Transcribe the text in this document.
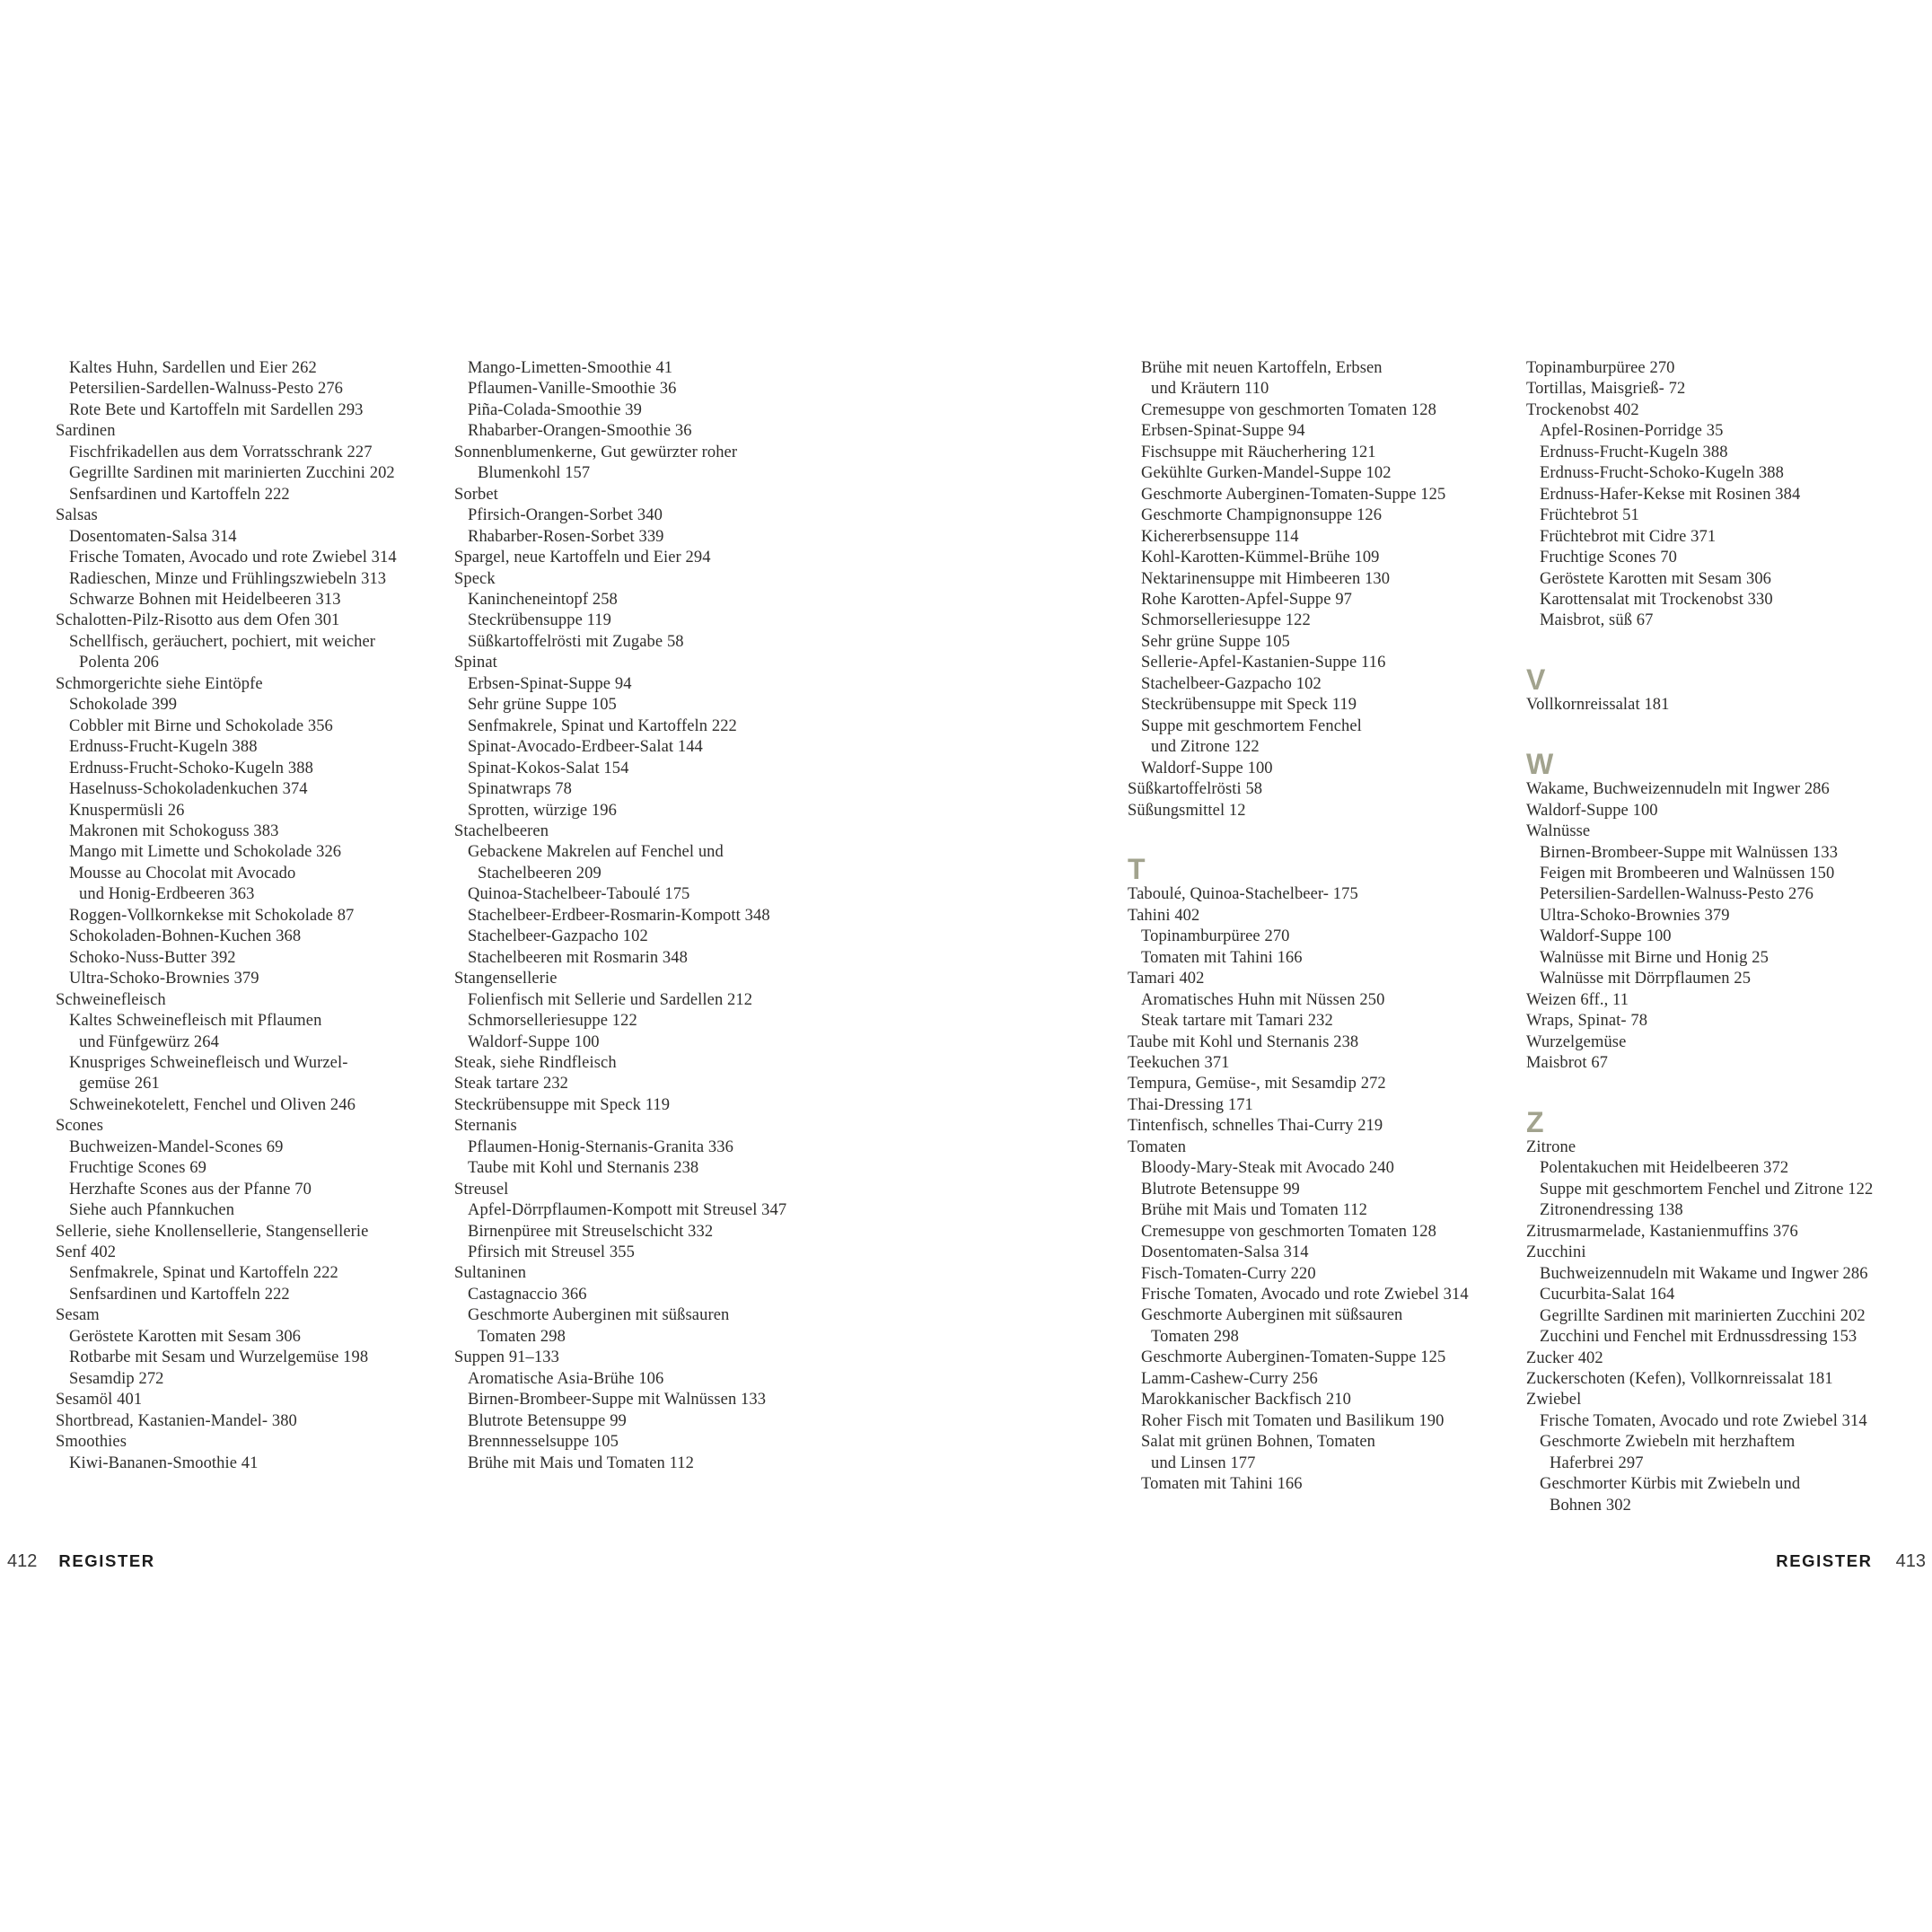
Kaltes Huhn, Sardellen und Eier 262
Petersilien-Sardellen-Walnuss-Pesto 276
Rote Bete und Kartoffeln mit Sardellen 293
Sardinen
Fischfrikadellen aus dem Vorratsschrank 227
Gegrillte Sardinen mit marinierten Zucchini 202
Senfsardinen und Kartoffeln 222
Salsas
Dosentomaten-Salsa 314
Frische Tomaten, Avocado und rote Zwiebel 314
Radieschen, Minze und Frühlingszwiebeln 313
Schwarze Bohnen mit Heidelbeeren 313
Schalotten-Pilz-Risotto aus dem Ofen 301
Schellfisch, geräuchert, pochiert, mit weicher
Polenta 206
Schmorgerichte siehe Eintöpfe
Schokolade 399
Cobbler mit Birne und Schokolade 356
Erdnuss-Frucht-Kugeln 388
Erdnuss-Frucht-Schoko-Kugeln 388
Haselnuss-Schokoladenkuchen 374
Knuspermüsli 26
Makronen mit Schokoguss 383
Mango mit Limette und Schokolade 326
Mousse au Chocolat mit Avocado
und Honig-Erdbeeren 363
Roggen-Vollkornkekse mit Schokolade 87
Schokoladen-Bohnen-Kuchen 368
Schoko-Nuss-Butter 392
Ultra-Schoko-Brownies 379
Schweinefleisch
Kaltes Schweinefleisch mit Pflaumen
und Fünfgewürz 264
Knuspriges Schweinefleisch und Wurzel-
gemüse 261
Schweinekotelett, Fenchel und Oliven 246
Scones
Buchweizen-Mandel-Scones 69
Fruchtige Scones 69
Herzhafte Scones aus der Pfanne 70
Siehe auch Pfannkuchen
Sellerie, siehe Knollensellerie, Stangensellerie
Senf 402
Senfmakrele, Spinat und Kartoffeln 222
Senfsardinen und Kartoffeln 222
Sesam
Geröstete Karotten mit Sesam 306
Rotbarbe mit Sesam und Wurzelgemüse 198
Sesamdip 272
Sesamöl 401
Shortbread, Kastanien-Mandel- 380
Smoothies
Kiwi-Bananen-Smoothie 41
Mango-Limetten-Smoothie 41
Pflaumen-Vanille-Smoothie 36
Piña-Colada-Smoothie 39
Rhabarber-Orangen-Smoothie 36
Sonnenblumenkerne, Gut gewürzter roher
Blumenkohl 157
Sorbet
Pfirsich-Orangen-Sorbet 340
Rhabarber-Rosen-Sorbet 339
Spargel, neue Kartoffeln und Eier 294
Speck
Kanincheneintopf 258
Steckrübensuppe 119
Süßkartoffelrösti mit Zugabe 58
Spinat
Erbsen-Spinat-Suppe 94
Sehr grüne Suppe 105
Senfmakrele, Spinat und Kartoffeln 222
Spinat-Avocado-Erdbeer-Salat 144
Spinat-Kokos-Salat 154
Spinatwraps 78
Sprotten, würzige 196
Stachelbeeren
Gebackene Makrelen auf Fenchel und
Stachelbeeren 209
Quinoa-Stachelbeer-Taboulé 175
Stachelbeer-Erdbeer-Rosmarin-Kompott 348
Stachelbeer-Gazpacho 102
Stachelbeeren mit Rosmarin 348
Stangensellerie
Folienfisch mit Sellerie und Sardellen 212
Schmorselleriesuppe 122
Waldorf-Suppe 100
Steak, siehe Rindfleisch
Steak tartare 232
Steckrübensuppe mit Speck 119
Sternanis
Pflaumen-Honig-Sternanis-Granita 336
Taube mit Kohl und Sternanis 238
Streusel
Apfel-Dörrpflaumen-Kompott mit Streusel 347
Birnenpüree mit Streuselschicht 332
Pfirsich mit Streusel 355
Sultaninen
Castagnaccio 366
Geschmorte Auberginen mit süßsauren
Tomaten 298
Suppen 91–133
Aromatische Asia-Brühe 106
Birnen-Brombeer-Suppe mit Walnüssen 133
Blutrote Betensuppe 99
Brennnesselsuppe 105
Brühe mit Mais und Tomaten 112
Brühe mit neuen Kartoffeln, Erbsen
und Kräutern 110
Cremesuppe von geschmorten Tomaten 128
Erbsen-Spinat-Suppe 94
Fischsuppe mit Räucherhering 121
Gekühlte Gurken-Mandel-Suppe 102
Geschmorte Auberginen-Tomaten-Suppe 125
Geschmorte Champignonsuppe 126
Kichererbsensuppe 114
Kohl-Karotten-Kümmel-Brühe 109
Nektarinensuppe mit Himbeeren 130
Rohe Karotten-Apfel-Suppe 97
Schmorselleriesuppe 122
Sehr grüne Suppe 105
Sellerie-Apfel-Kastanien-Suppe 116
Stachelbeer-Gazpacho 102
Steckrübensuppe mit Speck 119
Suppe mit geschmortem Fenchel
und Zitrone 122
Waldorf-Suppe 100
Süßkartoffelrösti 58
Süßungsmittel 12
T
Taboulé, Quinoa-Stachelbeer- 175
Tahini 402
Topinamburpüree 270
Tomaten mit Tahini 166
Tamari 402
Aromatisches Huhn mit Nüssen 250
Steak tartare mit Tamari 232
Taube mit Kohl und Sternanis 238
Teekuchen 371
Tempura, Gemüse-, mit Sesamdip 272
Thai-Dressing 171
Tintenfisch, schnelles Thai-Curry 219
Tomaten
Bloody-Mary-Steak mit Avocado 240
Blutrote Betensuppe 99
Brühe mit Mais und Tomaten 112
Cremesuppe von geschmorten Tomaten 128
Dosentomaten-Salsa 314
Fisch-Tomaten-Curry 220
Frische Tomaten, Avocado und rote Zwiebel 314
Geschmorte Auberginen mit süßsauren
Tomaten 298
Geschmorte Auberginen-Tomaten-Suppe 125
Lamm-Cashew-Curry 256
Marokkanischer Backfisch 210
Roher Fisch mit Tomaten und Basilikum 190
Salat mit grünen Bohnen, Tomaten
und Linsen 177
Tomaten mit Tahini 166
Topinamburpüree 270
Tortillas, Maisgrieß- 72
Trockenobst 402
Apfel-Rosinen-Porridge 35
Erdnuss-Frucht-Kugeln 388
Erdnuss-Frucht-Schoko-Kugeln 388
Erdnuss-Hafer-Kekse mit Rosinen 384
Früchtebrot 51
Früchtebrot mit Cidre 371
Fruchtige Scones 70
Geröstete Karotten mit Sesam 306
Karottensalat mit Trockenobst 330
Maisbrot, süß 67
V
Vollkornreissalat 181
W
Wakame, Buchweizennudeln mit Ingwer 286
Waldorf-Suppe 100
Walnüsse
Birnen-Brombeer-Suppe mit Walnüssen 133
Feigen mit Brombeeren und Walnüssen 150
Petersilien-Sardellen-Walnuss-Pesto 276
Ultra-Schoko-Brownies 379
Waldorf-Suppe 100
Walnüsse mit Birne und Honig 25
Walnüsse mit Dörrpflaumen 25
Weizen 6ff., 11
Wraps, Spinat- 78
Wurzelgemüse
Maisbrot 67
Z
Zitrone
Polentakuchen mit Heidelbeeren 372
Suppe mit geschmortem Fenchel und Zitrone 122
Zitronendressing 138
Zitrusmarmelade, Kastanienmuffins 376
Zucchini
Buchweizennudeln mit Wakame und Ingwer 286
Cucurbita-Salat 164
Gegrillte Sardinen mit marinierten Zucchini 202
Zucchini und Fenchel mit Erdnussdressing 153
Zucker 402
Zuckerschoten (Kefen), Vollkornreissalat 181
Zwiebel
Frische Tomaten, Avocado und rote Zwiebel 314
Geschmorte Zwiebeln mit herzhaftem
Haferbrei 297
Geschmorter Kürbis mit Zwiebeln und
Bohnen 302
412 REGISTER	REGISTER 413
